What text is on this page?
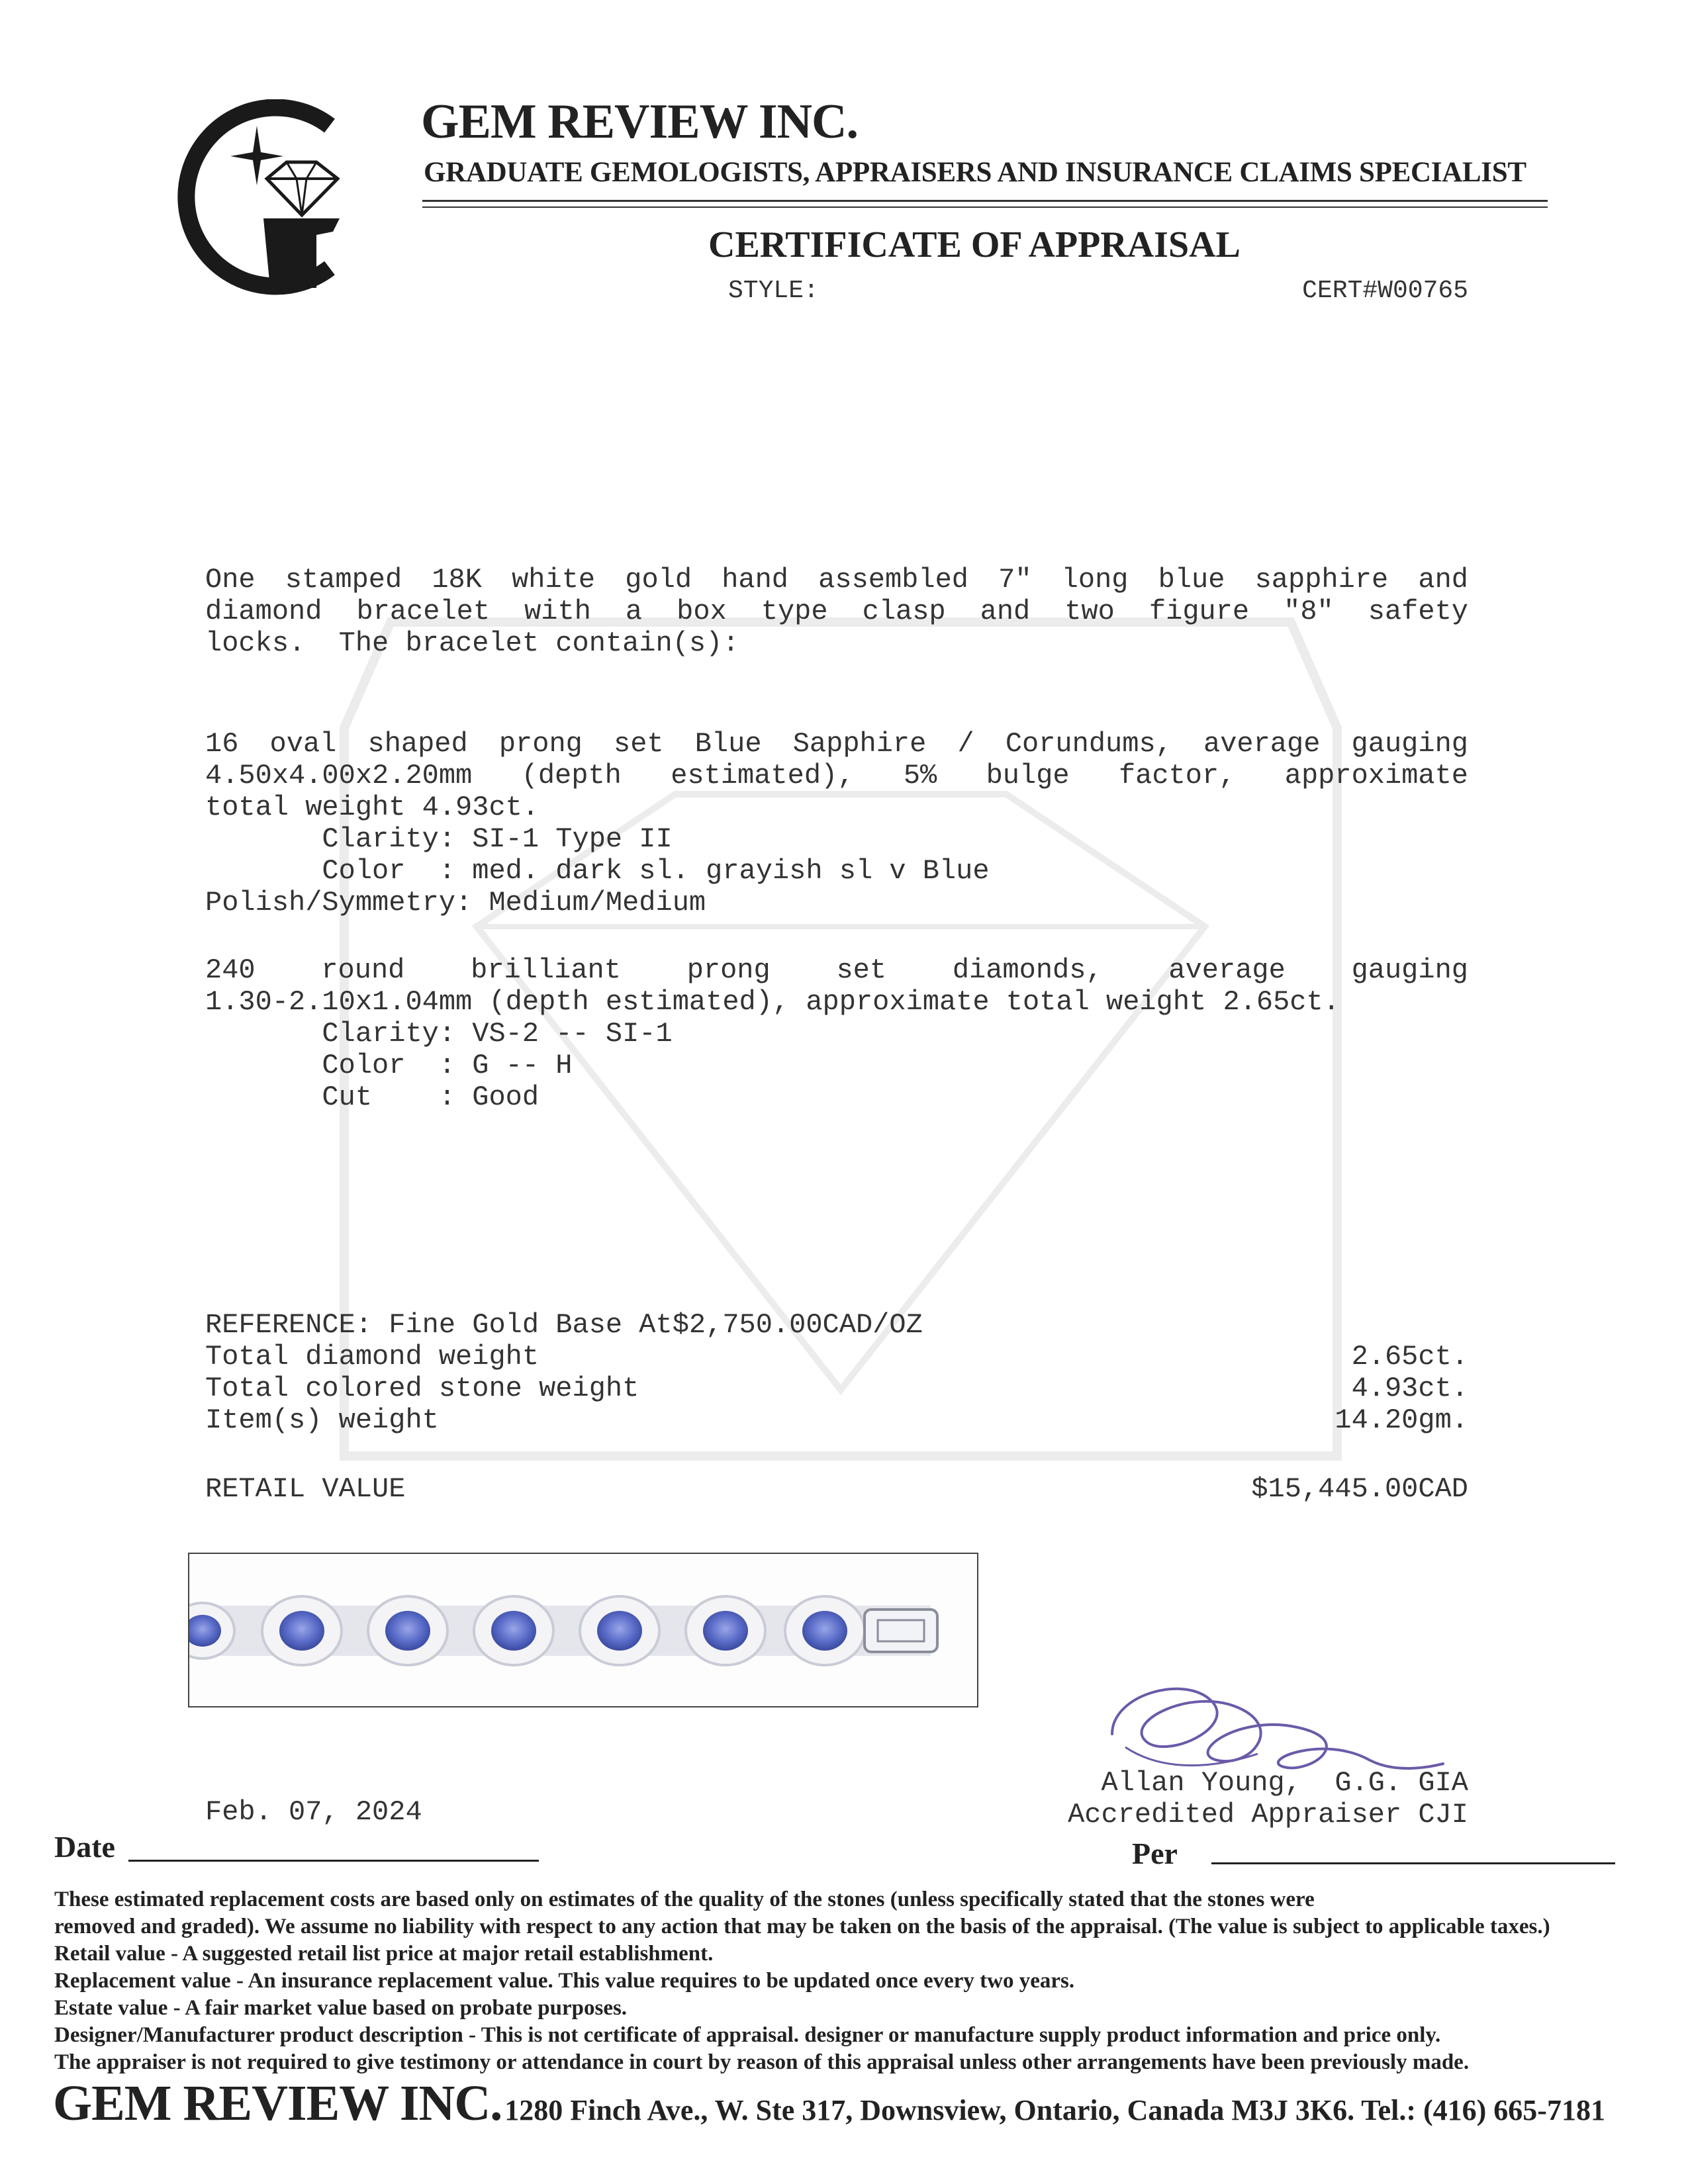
GEM REVIEW INC.
GRADUATE GEMOLOGISTS, APPRAISERS AND INSURANCE CLAIMS SPECIALIST
CERTIFICATE OF APPRAISAL
STYLE:	CERT#W00765
One stamped 18K white gold hand assembled 7" long blue sapphire and
diamond bracelet with a box type clasp and two figure "8" safety
locks.  The bracelet contain(s):
16 oval shaped prong set Blue Sapphire / Corundums, average gauging
4.50x4.00x2.20mm (depth estimated), 5% bulge factor, approximate
total weight 4.93ct.
Clarity: SI-1 Type II
Color  : med. dark sl. grayish sl v Blue
Polish/Symmetry: Medium/Medium
240 round brilliant prong set diamonds, average gauging
1.30-2.10x1.04mm (depth estimated), approximate total weight 2.65ct.
Clarity: VS-2 -- SI-1
Color  : G -- H
Cut    : Good
REFERENCE: Fine Gold Base At$2,750.00CAD/OZ
Total diamond weight	2.65ct.
Total colored stone weight	4.93ct.
Item(s) weight	14.20gm.
RETAIL VALUE	$15,445.00CAD
Feb. 07, 2024
Allan Young,  G.G. GIA
Accredited Appraiser CJI
Date	Per
These estimated replacement costs are based only on estimates of the quality of the stones (unless specifically stated that the stones were
removed and graded). We assume no liability with respect to any action that may be taken on the basis of the appraisal. (The value is subject to applicable taxes.)
Retail value - A suggested retail list price at major retail establishment.
Replacement value - An insurance replacement value. This value requires to be updated once every two years.
Estate value - A fair market value based on probate purposes.
Designer/Manufacturer product description - This is not certificate of appraisal. designer or manufacture supply product information and price only.
The appraiser is not required to give testimony or attendance in court by reason of this appraisal unless other arrangements have been previously made.
GEM REVIEW INC. 1280 Finch Ave., W. Ste 317, Downsview, Ontario, Canada M3J 3K6. Tel.: (416) 665-7181
